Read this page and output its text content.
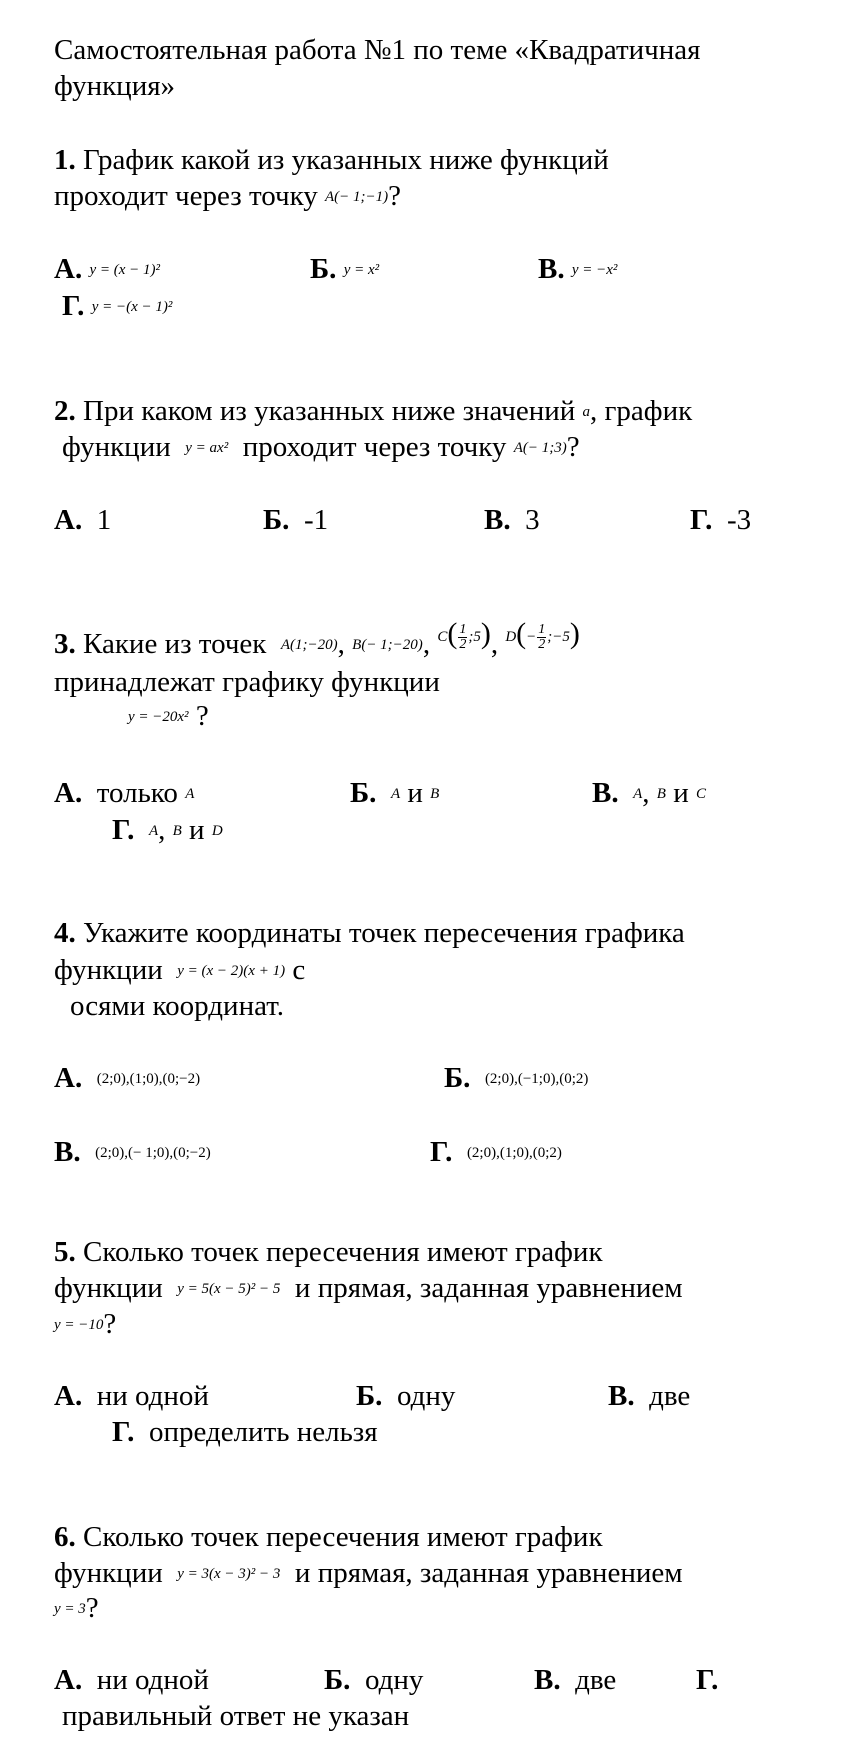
Самостоятельная работа №1 по теме «Квадратичная
функция»
1. График какой из указанных ниже функций
проходит через точку A(− 1;−1)?
А. y = (x − 1)²	Б. y = x²	В. y = −x²
Г. y = −(x − 1)²
2. При каком из указанных ниже значений a, график
функции y = ax² проходит через точку A(− 1;3)?
А. 1	Б. -1	В. 3	Г. -3
3. Какие из точек A(1;−20), B(− 1;−20), $^{C( \frac{1}{2} ;5)}$, $^{D(- \frac{1}{2} ;-5)}$
принадлежат графику функции
y = −20x² ?
А. только A	Б. A и B	В. A, B и C
Г. A, B и D
4. Укажите координаты точек пересечения графика
функции y = (x − 2)(x + 1) с
осями координат.
А. (2;0),(1;0),(0;−2)	Б. (2;0),(−1;0),(0;2)
В. (2;0),(− 1;0),(0;−2)	Г. (2;0),(1;0),(0;2)
5. Сколько точек пересечения имеют график
функции y = 5(x − 5)² − 5 и прямая, заданная уравнением
y = −10?
А. ни одной	Б. одну	В. две
Г. определить нельзя
6. Сколько точек пересечения имеют график
функции y = 3(x − 3)² − 3 и прямая, заданная уравнением
y = 3?
А. ни одной	Б. одну	В. две	Г.
правильный ответ не указан
